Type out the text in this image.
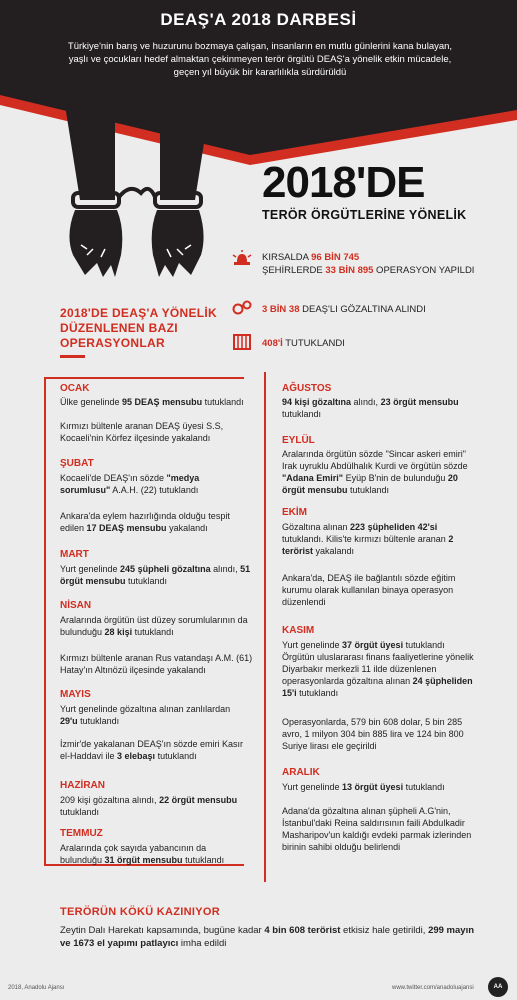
DEAŞ'A 2018 DARBESİ
Türkiye'nin barış ve huzurunu bozmaya çalışan, insanların en mutlu günlerini kana bulayan, yaşlı ve çocukları hedef almaktan çekinmeyen terör örgütü DEAŞ'a yönelik etkin mücadele, geçen yıl büyük bir kararlılıkla sürdürüldü
2018'DE
TERÖR ÖRGÜTLERİNE YÖNELİK
KIRSALDA 96 BİN 745
ŞEHİRLERDE 33 BİN 895 OPERASYON YAPILDI
3 BİN 38 DEAŞ'LI GÖZALTINA ALINDI
408'İ TUTUKLANDI
2018'DE DEAŞ'A YÖNELİK DÜZENLENEN BAZI OPERASYONLAR
OCAK
Ülke genelinde 95 DEAŞ mensubu tutuklandı
Kırmızı bültenle aranan DEAŞ üyesi S.S, Kocaeli'nin Körfez ilçesinde yakalandı
ŞUBAT
Kocaeli'de DEAŞ'ın sözde "medya sorumlusu" A.A.H. (22) tutuklandı
Ankara'da eylem hazırlığında olduğu tespit edilen 17 DEAŞ mensubu yakalandı
MART
Yurt genelinde 245 şüpheli gözaltına alındı, 51 örgüt mensubu tutuklandı
NİSAN
Aralarında örgütün üst düzey sorumlularının da bulunduğu 28 kişi tutuklandı
Kırmızı bültenle aranan Rus vatandaşı A.M. (61) Hatay'ın Altınözü ilçesinde yakalandı
MAYIS
Yurt genelinde gözaltına alınan zanlılardan 29'u tutuklandı
İzmir'de yakalanan DEAŞ'ın sözde emiri Kasır el-Haddavi ile 3 elebaşı tutuklandı
HAZİRAN
209 kişi gözaltına alındı, 22 örgüt mensubu tutuklandı
TEMMUZ
Aralarında çok sayıda yabancının da bulunduğu 31 örgüt mensubu tutuklandı
AĞUSTOS
94 kişi gözaltına alındı, 23 örgüt mensubu tutuklandı
EYLÜL
Aralarında örgütün sözde "Sincar askeri emiri" Irak uyruklu Abdülhalık Kurdi ve örgütün sözde "Adana Emiri" Eyüp B'nin de bulunduğu 20 örgüt mensubu tutuklandı
EKİM
Gözaltına alınan 223 şüpheliden 42'si tutuklandı. Kilis'te kırmızı bültenle aranan 2 terörist yakalandı
Ankara'da, DEAŞ ile bağlantılı sözde eğitim kurumu olarak kullanılan binaya operasyon düzenlendi
KASIM
Yurt genelinde 37 örgüt üyesi tutuklandı
Örgütün uluslararası finans faaliyetlerine yönelik Diyarbakır merkezli 11 ilde düzenlenen operasyonlarda gözaltına alınan 24 şüpheliden 15'i tutuklandı
Operasyonlarda, 579 bin 608 dolar, 5 bin 285 avro, 1 milyon 304 bin 885 lira ve 124 bin 800 Suriye lirası ele geçirildi
ARALIK
Yurt genelinde 13 örgüt üyesi tutuklandı
Adana'da gözaltına alınan şüpheli A.G'nin, İstanbul'daki Reina saldırısının faili Abdulkadir Masharipov'un kaldığı evdeki parmak izlerinden birinin sahibi olduğu belirlendi
TERÖRÜN KÖKÜ KAZINIYOR
Zeytin Dalı Harekatı kapsamında, bugüne kadar 4 bin 608 terörist etkisiz hale getirildi, 299 mayın ve 1673 el yapımı patlayıcı imha edildi
2018, Anadolu Ajansı	www.twitter.com/anadoluajansi	AA
